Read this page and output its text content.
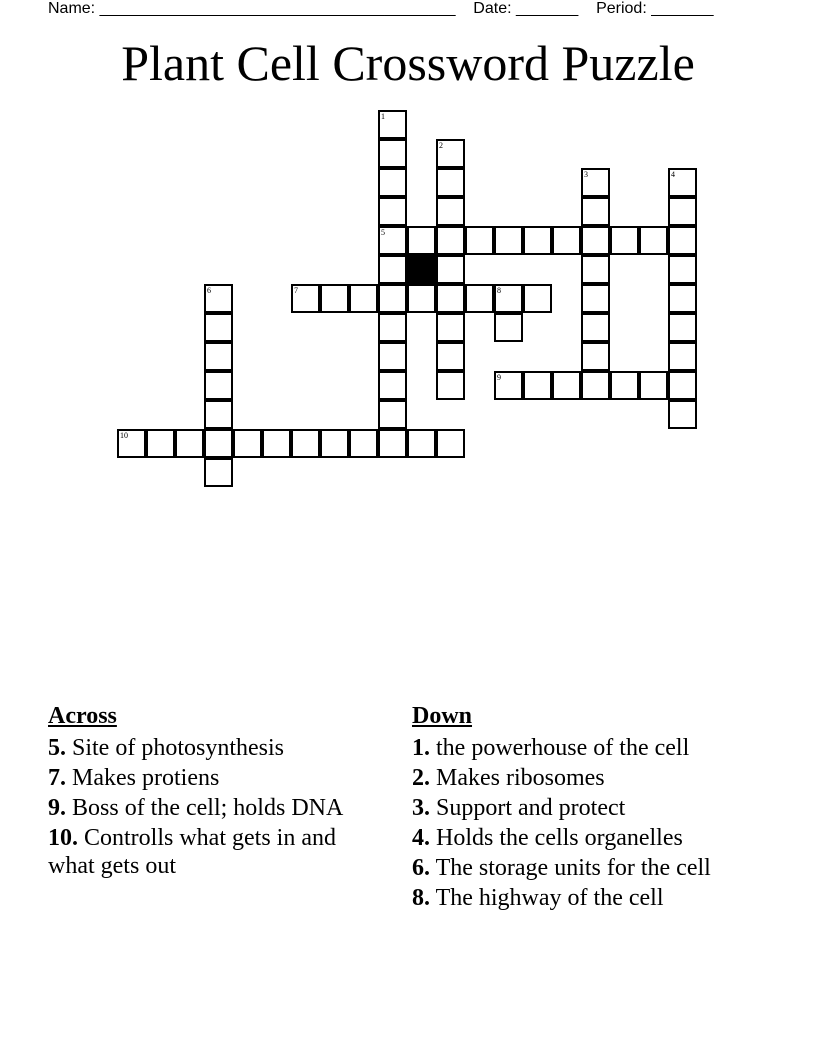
Name: ________________________________________ Date: _______ Period: _______
Plant Cell Crossword Puzzle
1
5
2
3	4
6	7	8
9
10
Across
5. Site of photosynthesis
7. Makes protiens
9. Boss of the cell; holds DNA
10. Controlls what gets in and what gets out
Down
1. the powerhouse of the cell
2. Makes ribosomes
3. Support and protect
4. Holds the cells organelles
6. The storage units for the cell
8. The highway of the cell
